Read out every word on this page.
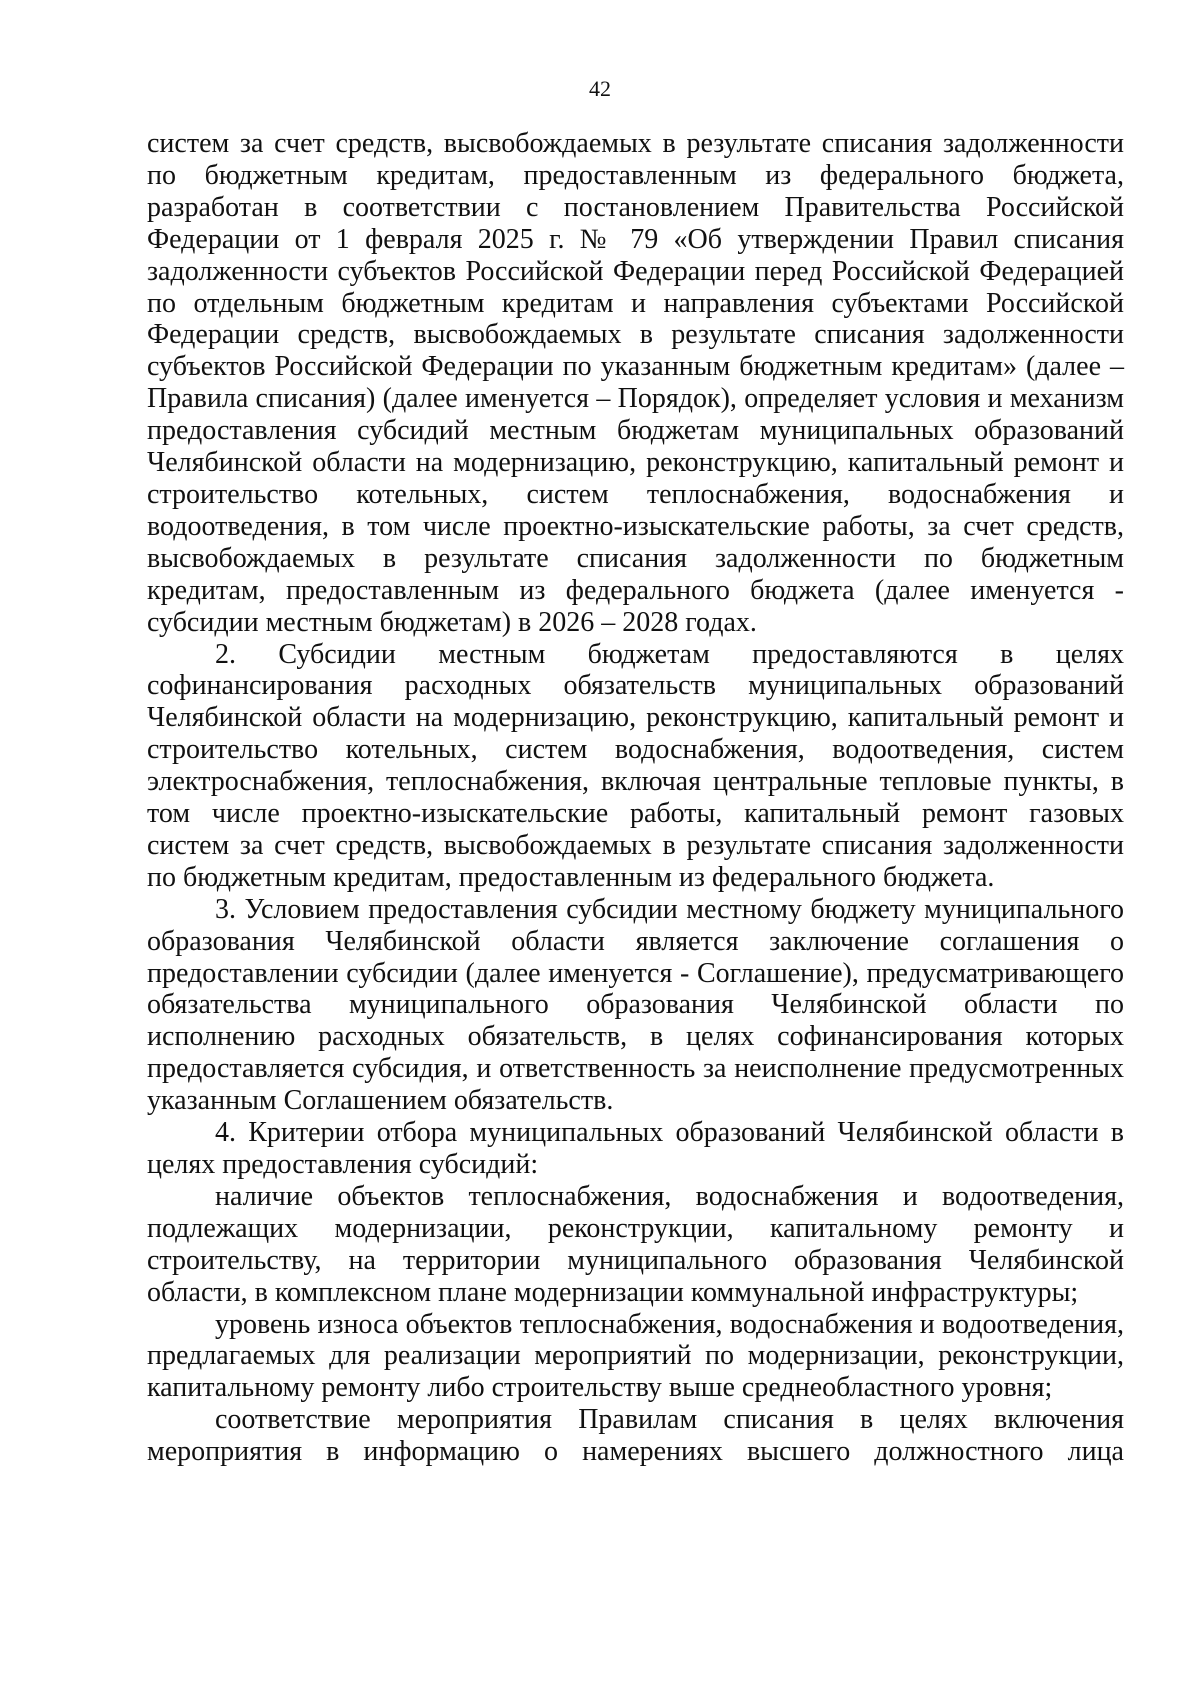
42

систем за счет средств, высвобождаемых в результате списания задолженности по бюджетным кредитам, предоставленным из федерального бюджета, разработан в соответствии с постановлением Правительства Российской Федерации от 1 февраля 2025 г. № 79 «Об утверждении Правил списания задолженности субъектов Российской Федерации перед Российской Федерацией по отдельным бюджетным кредитам и направления субъектами Российской Федерации средств, высвобождаемых в результате списания задолженности субъектов Российской Федерации по указанным бюджетным кредитам» (далее – Правила списания) (далее именуется – Порядок), определяет условия и механизм предоставления субсидий местным бюджетам муниципальных образований Челябинской области на модернизацию, реконструкцию, капитальный ремонт и строительство котельных, систем теплоснабжения, водоснабжения и водоотведения, в том числе проектно-изыскательские работы, за счет средств, высвобождаемых в результате списания задолженности по бюджетным кредитам, предоставленным из федерального бюджета (далее именуется - субсидии местным бюджетам) в 2026 – 2028 годах.

2. Субсидии местным бюджетам предоставляются в целях софинансирования расходных обязательств муниципальных образований Челябинской области на модернизацию, реконструкцию, капитальный ремонт и строительство котельных, систем водоснабжения, водоотведения, систем электроснабжения, теплоснабжения, включая центральные тепловые пункты, в том числе проектно-изыскательские работы, капитальный ремонт газовых систем за счет средств, высвобождаемых в результате списания задолженности по бюджетным кредитам, предоставленным из федерального бюджета.

3. Условием предоставления субсидии местному бюджету муниципального образования Челябинской области является заключение соглашения о предоставлении субсидии (далее именуется - Соглашение), предусматривающего обязательства муниципального образования Челябинской области по исполнению расходных обязательств, в целях софинансирования которых предоставляется субсидия, и ответственность за неисполнение предусмотренных указанным Соглашением обязательств.

4. Критерии отбора муниципальных образований Челябинской области в целях предоставления субсидий:

наличие объектов теплоснабжения, водоснабжения и водоотведения, подлежащих модернизации, реконструкции, капитальному ремонту и строительству, на территории муниципального образования Челябинской области, в комплексном плане модернизации коммунальной инфраструктуры;

уровень износа объектов теплоснабжения, водоснабжения и водоотведения, предлагаемых для реализации мероприятий по модернизации, реконструкции, капитальному ремонту либо строительству выше среднеобластного уровня;

соответствие мероприятия Правилам списания в целях включения мероприятия в информацию о намерениях высшего должностного лица
